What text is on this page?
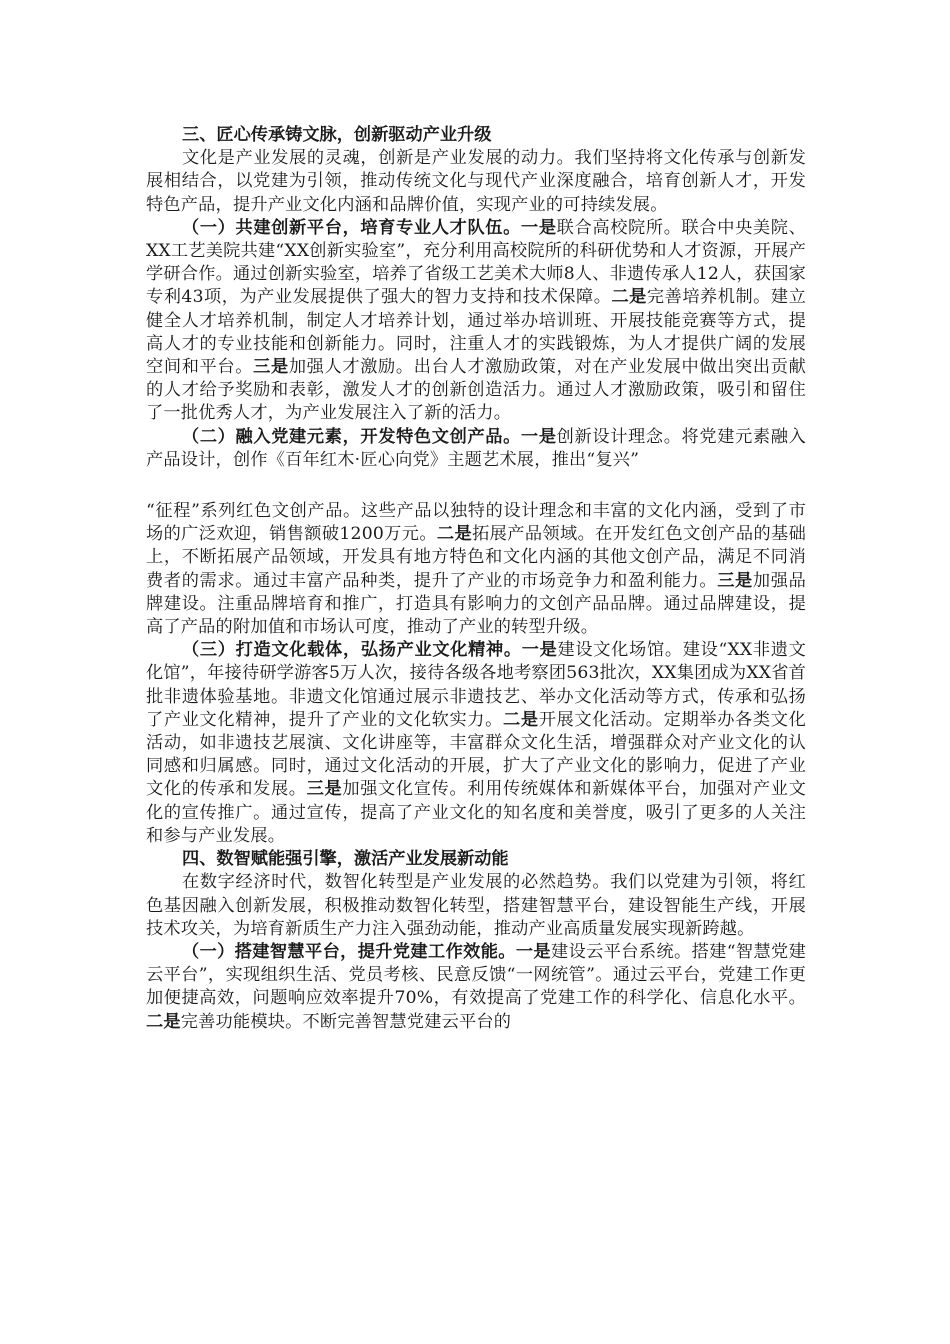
三、匠心传承铸文脉，创新驱动产业升级

文化是产业发展的灵魂，创新是产业发展的动力。我们坚持将文化传承与创新发展相结合，以党建为引领，推动传统文化与现代产业深度融合，培育创新人才，开发特色产品，提升产业文化内涵和品牌价值，实现产业的可持续发展。

（一）共建创新平台，培育专业人才队伍。一是联合高校院所。联合中央美院、XX工艺美院共建“XX创新实验室”，充分利用高校院所的科研优势和人才资源，开展产学研合作。通过创新实验室，培养了省级工艺美术大师8人、非遗传承人12人，获国家专利43项，为产业发展提供了强大的智力支持和技术保障。二是完善培养机制。建立健全人才培养机制，制定人才培养计划，通过举办培训班、开展技能竞赛等方式，提高人才的专业技能和创新能力。同时，注重人才的实践锻炼，为人才提供广阔的发展空间和平台。三是加强人才激励。出台人才激励政策，对在产业发展中做出突出贡献的人才给予奖励和表彰，激发人才的创新创造活力。通过人才激励政策，吸引和留住了一批优秀人才，为产业发展注入了新的活力。

（二）融入党建元素，开发特色文创产品。一是创新设计理念。将党建元素融入产品设计，创作《百年红木·匠心向党》主题艺术展，推出“复兴”

“征程”系列红色文创产品。这些产品以独特的设计理念和丰富的文化内涵，受到了市场的广泛欢迎，销售额破1200万元。二是拓展产品领域。在开发红色文创产品的基础上，不断拓展产品领域，开发具有地方特色和文化内涵的其他文创产品，满足不同消费者的需求。通过丰富产品种类，提升了产业的市场竞争力和盈利能力。三是加强品牌建设。注重品牌培育和推广，打造具有影响力的文创产品品牌。通过品牌建设，提高了产品的附加值和市场认可度，推动了产业的转型升级。

（三）打造文化载体，弘扬产业文化精神。一是建设文化场馆。建设“XX非遗文化馆”，年接待研学游客5万人次，接待各级各地考察团563批次，XX集团成为XX省首批非遗体验基地。非遗文化馆通过展示非遗技艺、举办文化活动等方式，传承和弘扬了产业文化精神，提升了产业的文化软实力。二是开展文化活动。定期举办各类文化活动，如非遗技艺展演、文化讲座等，丰富群众文化生活，增强群众对产业文化的认同感和归属感。同时，通过文化活动的开展，扩大了产业文化的影响力，促进了产业文化的传承和发展。三是加强文化宣传。利用传统媒体和新媒体平台，加强对产业文化的宣传推广。通过宣传，提高了产业文化的知名度和美誉度，吸引了更多的人关注和参与产业发展。

四、数智赋能强引擎，激活产业发展新动能

在数字经济时代，数智化转型是产业发展的必然趋势。我们以党建为引领，将红色基因融入创新发展，积极推动数智化转型，搭建智慧平台，建设智能生产线，开展技术攻关，为培育新质生产力注入强劲动能，推动产业高质量发展实现新跨越。

（一）搭建智慧平台，提升党建工作效能。一是建设云平台系统。搭建“智慧党建云平台”，实现组织生活、党员考核、民意反馈“一网统管”。通过云平台，党建工作更加便捷高效，问题响应效率提升70%，有效提高了党建工作的科学化、信息化水平。二是完善功能模块。不断完善智慧党建云平台的
